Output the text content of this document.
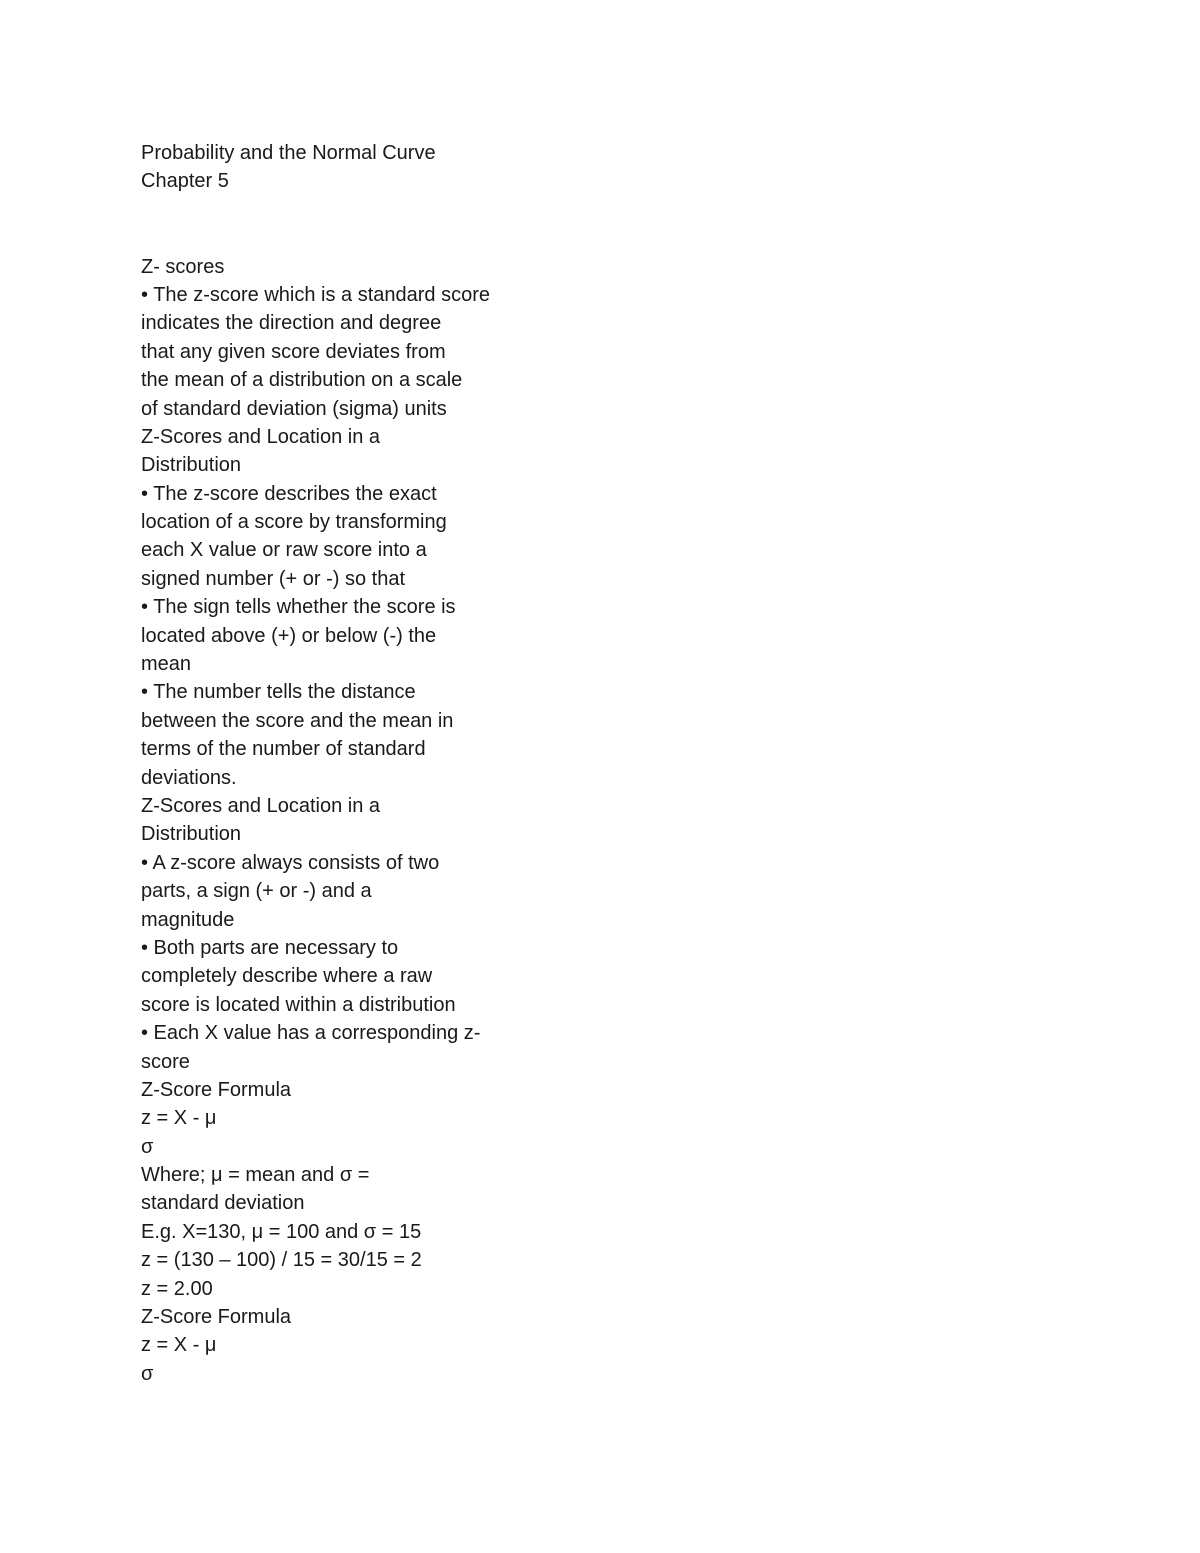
Probability and the Normal Curve
Chapter 5
Z- scores
• The z-score which is a standard score
indicates the direction and degree
that any given score deviates from
the mean of a distribution on a scale
of standard deviation (sigma) units
Z-Scores and Location in a
Distribution
• The z-score describes the exact
location of a score by transforming
each X value or raw score into a
signed number (+ or -) so that
• The sign tells whether the score is
located above (+) or below (-) the
mean
• The number tells the distance
between the score and the mean in
terms of the number of standard
deviations.
Z-Scores and Location in a
Distribution
• A z-score always consists of two
parts, a sign (+ or -) and a
magnitude
• Both parts are necessary to
completely describe where a raw
score is located within a distribution
• Each X value has a corresponding z-
score
Z-Score Formula
z = X - μ
σ
Where; μ = mean and σ =
standard deviation
E.g. X=130, μ = 100 and σ = 15
z = (130 – 100) / 15 = 30/15 = 2
z = 2.00
Z-Score Formula
z = X - μ
σ
